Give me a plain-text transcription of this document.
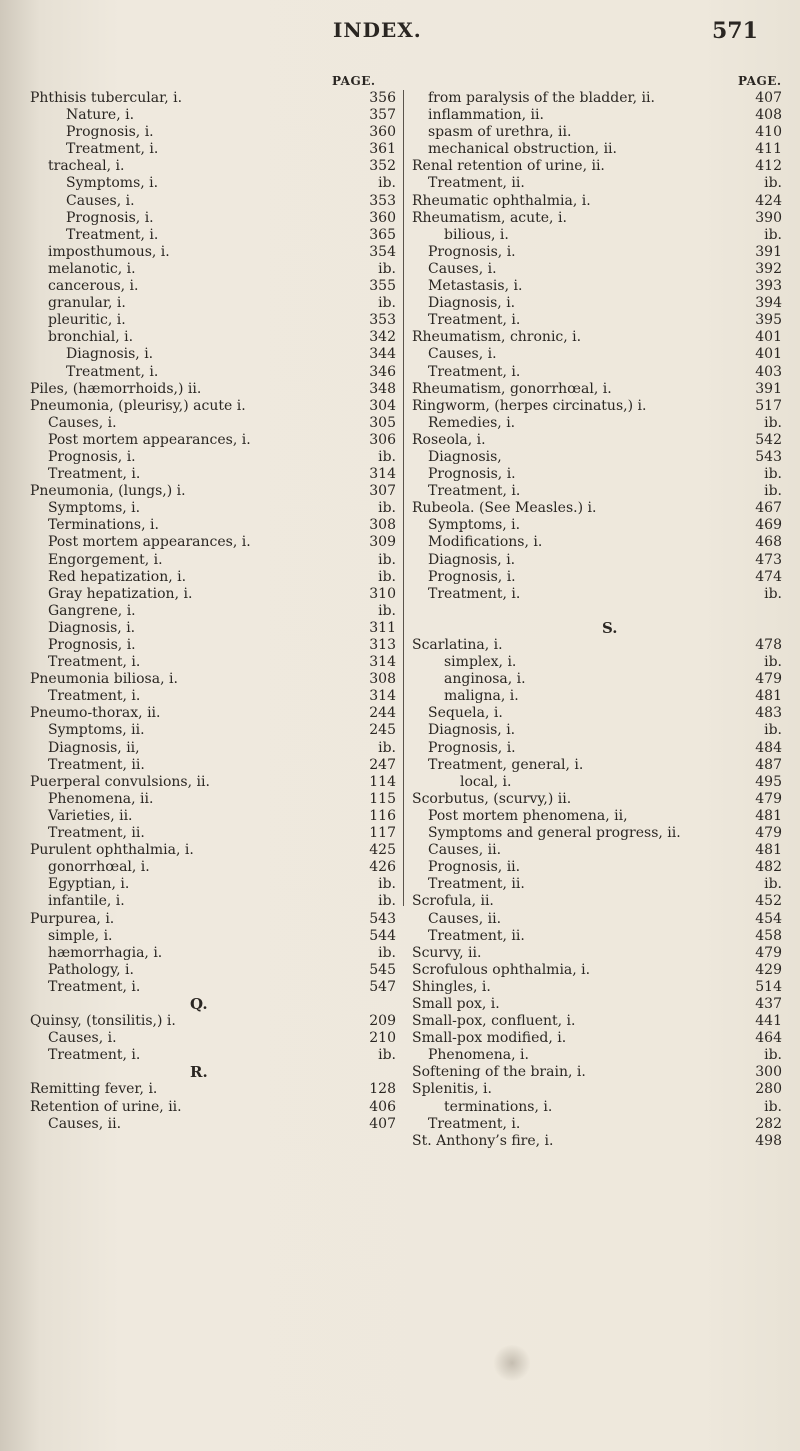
INDEX.	571
PAGE.	PAGE.
Phthisis tubercular, i.	356
Nature, i.	357
Prognosis, i.	360
Treatment, i.	361
tracheal, i.	352
Symptoms, i.	ib.
Causes, i.	353
Prognosis, i.	360
Treatment, i.	365
imposthumous, i.	354
melanotic, i.	ib.
cancerous, i.	355
granular, i.	ib.
pleuritic, i.	353
bronchial, i.	342
Diagnosis, i.	344
Treatment, i.	346
Piles, (hæmorrhoids,) ii.	348
Pneumonia, (pleurisy,) acute i.	304
Causes, i.	305
Post mortem appearances, i.	306
Prognosis, i.	ib.
Treatment, i.	314
Pneumonia, (lungs,) i.	307
Symptoms, i.	ib.
Terminations, i.	308
Post mortem appearances, i.	309
Engorgement, i.	ib.
Red hepatization, i.	ib.
Gray hepatization, i.	310
Gangrene, i.	ib.
Diagnosis, i.	311
Prognosis, i.	313
Treatment, i.	314
Pneumonia biliosa, i.	308
Treatment, i.	314
Pneumo-thorax, ii.	244
Symptoms, ii.	245
Diagnosis, ii,	ib.
Treatment, ii.	247
Puerperal convulsions, ii.	114
Phenomena, ii.	115
Varieties, ii.	116
Treatment, ii.	117
Purulent ophthalmia, i.	425
gonorrhœal, i.	426
Egyptian, i.	ib.
infantile, i.	ib.
Purpurea, i.	543
simple, i.	544
hæmorrhagia, i.	ib.
Pathology, i.	545
Treatment, i.	547
Q.
Quinsy, (tonsilitis,) i.	209
Causes, i.	210
Treatment, i.	ib.
R.
Remitting fever, i.	128
Retention of urine, ii.	406
Causes, ii.	407
from paralysis of the bladder, ii.	407
inflammation, ii.	408
spasm of urethra, ii.	410
mechanical obstruction, ii.	411
Renal retention of urine, ii.	412
Treatment, ii.	ib.
Rheumatic ophthalmia, i.	424
Rheumatism, acute, i.	390
bilious, i.	ib.
Prognosis, i.	391
Causes, i.	392
Metastasis, i.	393
Diagnosis, i.	394
Treatment, i.	395
Rheumatism, chronic, i.	401
Causes, i.	401
Treatment, i.	403
Rheumatism, gonorrhœal, i.	391
Ringworm, (herpes circinatus,) i.	517
Remedies, i.	ib.
Roseola, i.	542
Diagnosis,	543
Prognosis, i.	ib.
Treatment, i.	ib.
Rubeola. (See Measles.) i.	467
Symptoms, i.	469
Modifications, i.	468
Diagnosis, i.	473
Prognosis, i.	474
Treatment, i.	ib.
S.
Scarlatina, i.	478
simplex, i.	ib.
anginosa, i.	479
maligna, i.	481
Sequela, i.	483
Diagnosis, i.	ib.
Prognosis, i.	484
Treatment, general, i.	487
local, i.	495
Scorbutus, (scurvy,) ii.	479
Post mortem phenomena, ii,	481
Symptoms and general progress, ii.	479
Causes, ii.	481
Prognosis, ii.	482
Treatment, ii.	ib.
Scrofula, ii.	452
Causes, ii.	454
Treatment, ii.	458
Scurvy, ii.	479
Scrofulous ophthalmia, i.	429
Shingles, i.	514
Small pox, i.	437
Small-pox, confluent, i.	441
Small-pox modified, i.	464
Phenomena, i.	ib.
Softening of the brain, i.	300
Splenitis, i.	280
terminations, i.	ib.
Treatment, i.	282
St. Anthony’s fire, i.	498
